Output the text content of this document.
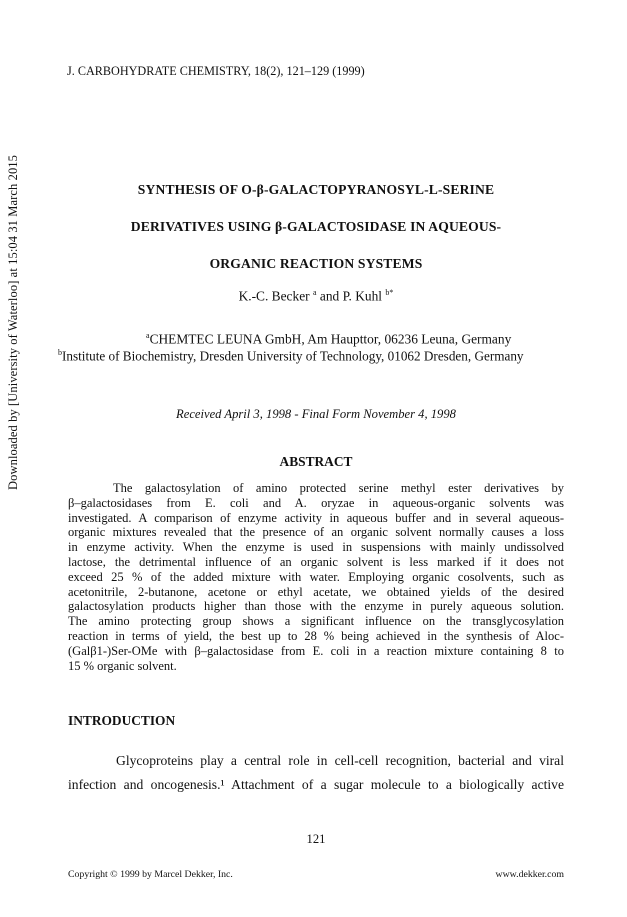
Downloaded by [University of Waterloo] at 15:04 31 March 2015
J. CARBOHYDRATE CHEMISTRY, 18(2), 121–129 (1999)
SYNTHESIS OF O-β-GALACTOPYRANOSYL-L-SERINE
DERIVATIVES USING β-GALACTOSIDASE IN AQUEOUS-
ORGANIC REACTION SYSTEMS
K.-C. Becker $^a$ and P. Kuhl $^{b*}$
$^a$CHEMTEC LEUNA GmbH, Am Haupttor, 06236 Leuna, Germany
$^b$Institute of Biochemistry, Dresden University of Technology, 01062 Dresden, Germany
Received April 3, 1998 - Final Form November 4, 1998
ABSTRACT
The galactosylation of amino protected serine methyl ester derivatives by
β–galactosidases from E. coli and A. oryzae in aqueous-organic solvents was
investigated. A comparison of enzyme activity in aqueous buffer and in several aqueous-
organic mixtures revealed that the presence of an organic solvent normally causes a loss
in enzyme activity. When the enzyme is used in suspensions with mainly undissolved
lactose, the detrimental influence of an organic solvent is less marked if it does not
exceed 25 % of the added mixture with water. Employing organic cosolvents, such as
acetonitrile, 2-butanone, acetone or ethyl acetate, we obtained yields of the desired
galactosylation products higher than those with the enzyme in purely aqueous solution.
The amino protecting group shows a significant influence on the transglycosylation
reaction in terms of yield, the best up to 28 % being achieved in the synthesis of Aloc-
(Galβ1-)Ser-OMe with β–galactosidase from E. coli in a reaction mixture containing 8 to
15 % organic solvent.
INTRODUCTION
Glycoproteins play a central role in cell-cell recognition, bacterial and viral
infection and oncogenesis.¹ Attachment of a sugar molecule to a biologically active
121
Copyright © 1999 by Marcel Dekker, Inc.	www.dekker.com
